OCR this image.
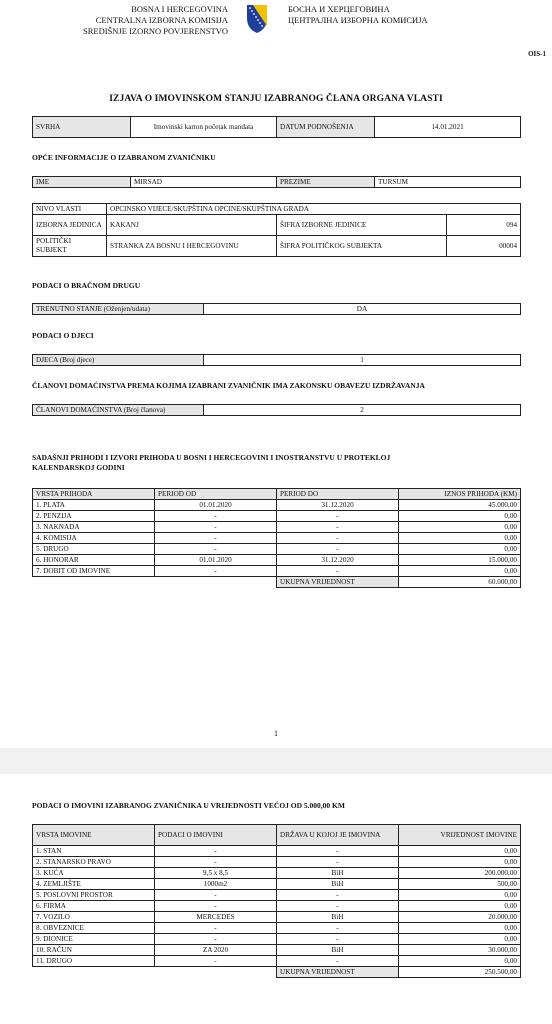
BOSNA I HERCEGOVINA
CENTRALNA IZBORNA KOMISIJA
SREDIŠNJE IZORNO POVJERENSTVO
БОСНА И ХЕРЦЕГОВИНА
ЦЕНТРАЛНА ИЗБОРНА КОМИСИЈА
OIS-1
IZJAVA O IMOVINSKOM STANJU IZABRANOG ČLANA ORGANA VLASTI
SVRHA	Imovinski karton početak mandata	DATUM PODNOŠENJA	14.01.2021
OPĆE INFORMACIJE O IZABRANOM ZVANIČNIKU
IME	MIRSAD	PREZIME	TURSUM
NIVO VLASTI	OPCINSKO VIJECE/SKUPŠTINA OPCINE/SKUPŠTINA GRADA		
IZBORNA JEDINICA	KAKANJ	ŠIFRA IZBORNE JEDINICE	094
POLITIČKI SUBJEKT	STRANKA ZA BOSNU I HERCEGOVINU	ŠIFRA POLITIČKOG SUBJEKTA	00004
PODACI O BRAČNOM DRUGU
TRENUTNO STANJE (Oženjen/udata)	DA
PODACI O DJECI
DJECA (Broj djece)	1
ČLANOVI DOMAĆINSTVA PREMA KOJIMA IZABRANI ZVANIČNIK IMA ZAKONSKU OBAVEZU IZDRŽAVANJA
ČLANOVI DOMAĆINSTVA (Broj članova)	2
SADAŠNJI PRIHODI I IZVORI PRIHODA U BOSNI I HERCEGOVINI I INOSTRANSTVU U PROTEKLOJ
KALENDARSKOJ GODINI
VRSTA PRIHODA	PERIOD OD	PERIOD DO	IZNOS PRIHODA (KM)
1. PLATA	01.01.2020	31.12.2020	45.000,00
2. PENZIJA	-	-	0,00
3. NAKNADA	-	-	0,00
4. KOMISIJA	-	-	0,00
5. DRUGO	-	-	0,00
6. HONORAR	01.01.2020	31.12.2020	15.000,00
7. DOBIT OD IMOVINE	-	-	0,00
		UKUPNA VRIJEDNOST	60.000,00
1
PODACI O IMOVINI IZABRANOG ZVANIČNIKA U VRIJEDNOSTI VEĆOJ OD 5.000,00 KM
VRSTA IMOVINE	PODACI O IMOVINI	DRŽAVA U KOJOJ JE IMOVINA	VRIJEDNOST IMOVINE
1. STAN	-	-	0,00
2. STANARSKO PRAVO	-	-	0,00
3. KUĆA	9,5 x 8,5	BiH	200.000,00
4. ZEMLJIŠTE	1000m2	BiH	500,00
5. POSLOVNI PROSTOR	-	-	0,00
6. FIRMA	-	-	0,00
7. VOZILO	MERCEDES	BiH	20.000,00
8. OBVEZNICE	-	-	0,00
9. DIONICE	-	-	0,00
10. RAČUN	ZA 2020	BiH	30.000,00
11. DRUGO	-	-	0,00
		UKUPNA VRIJEDNOST	250.500,00
